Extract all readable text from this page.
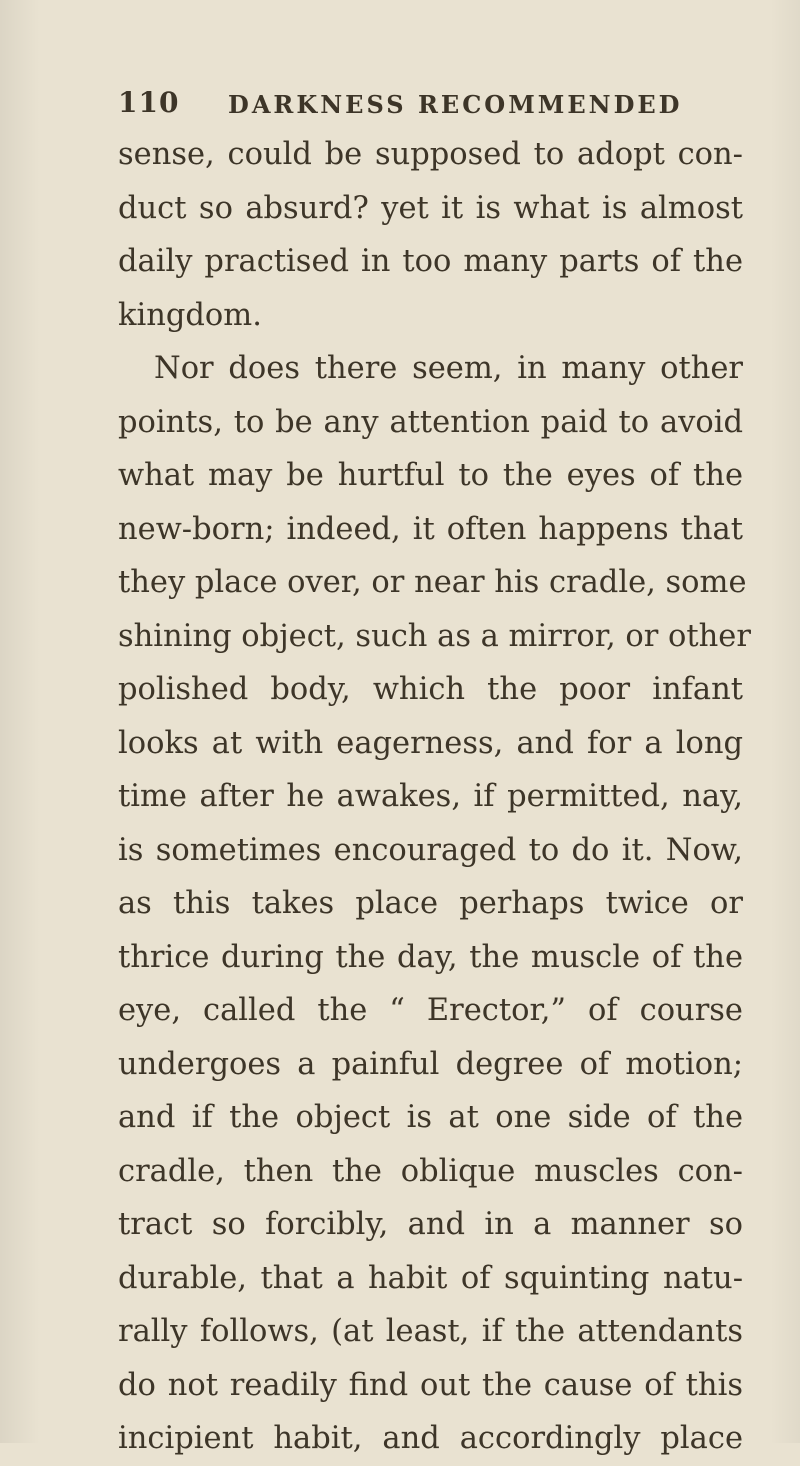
110 DARKNESS RECOMMENDED
sense, could be supposed to adopt con-
duct so absurd? yet it is what is almost
daily practised in too many parts of the
kingdom.
Nor does there seem, in many other
points, to be any attention paid to avoid
what may be hurtful to the eyes of the
new-born; indeed, it often happens that
they place over, or near his cradle, some
shining object, such as a mirror, or other
polished body, which the poor infant
looks at with eagerness, and for a long
time after he awakes, if permitted, nay,
is sometimes encouraged to do it. Now,
as this takes place perhaps twice or
thrice during the day, the muscle of the
eye, called the “ Erector,” of course
undergoes a painful degree of motion;
and if the object is at one side of the
cradle, then the oblique muscles con-
tract so forcibly, and in a manner so
durable, that a habit of squinting natu-
rally follows, (at least, if the attendants
do not readily find out the cause of this
incipient habit, and accordingly place
